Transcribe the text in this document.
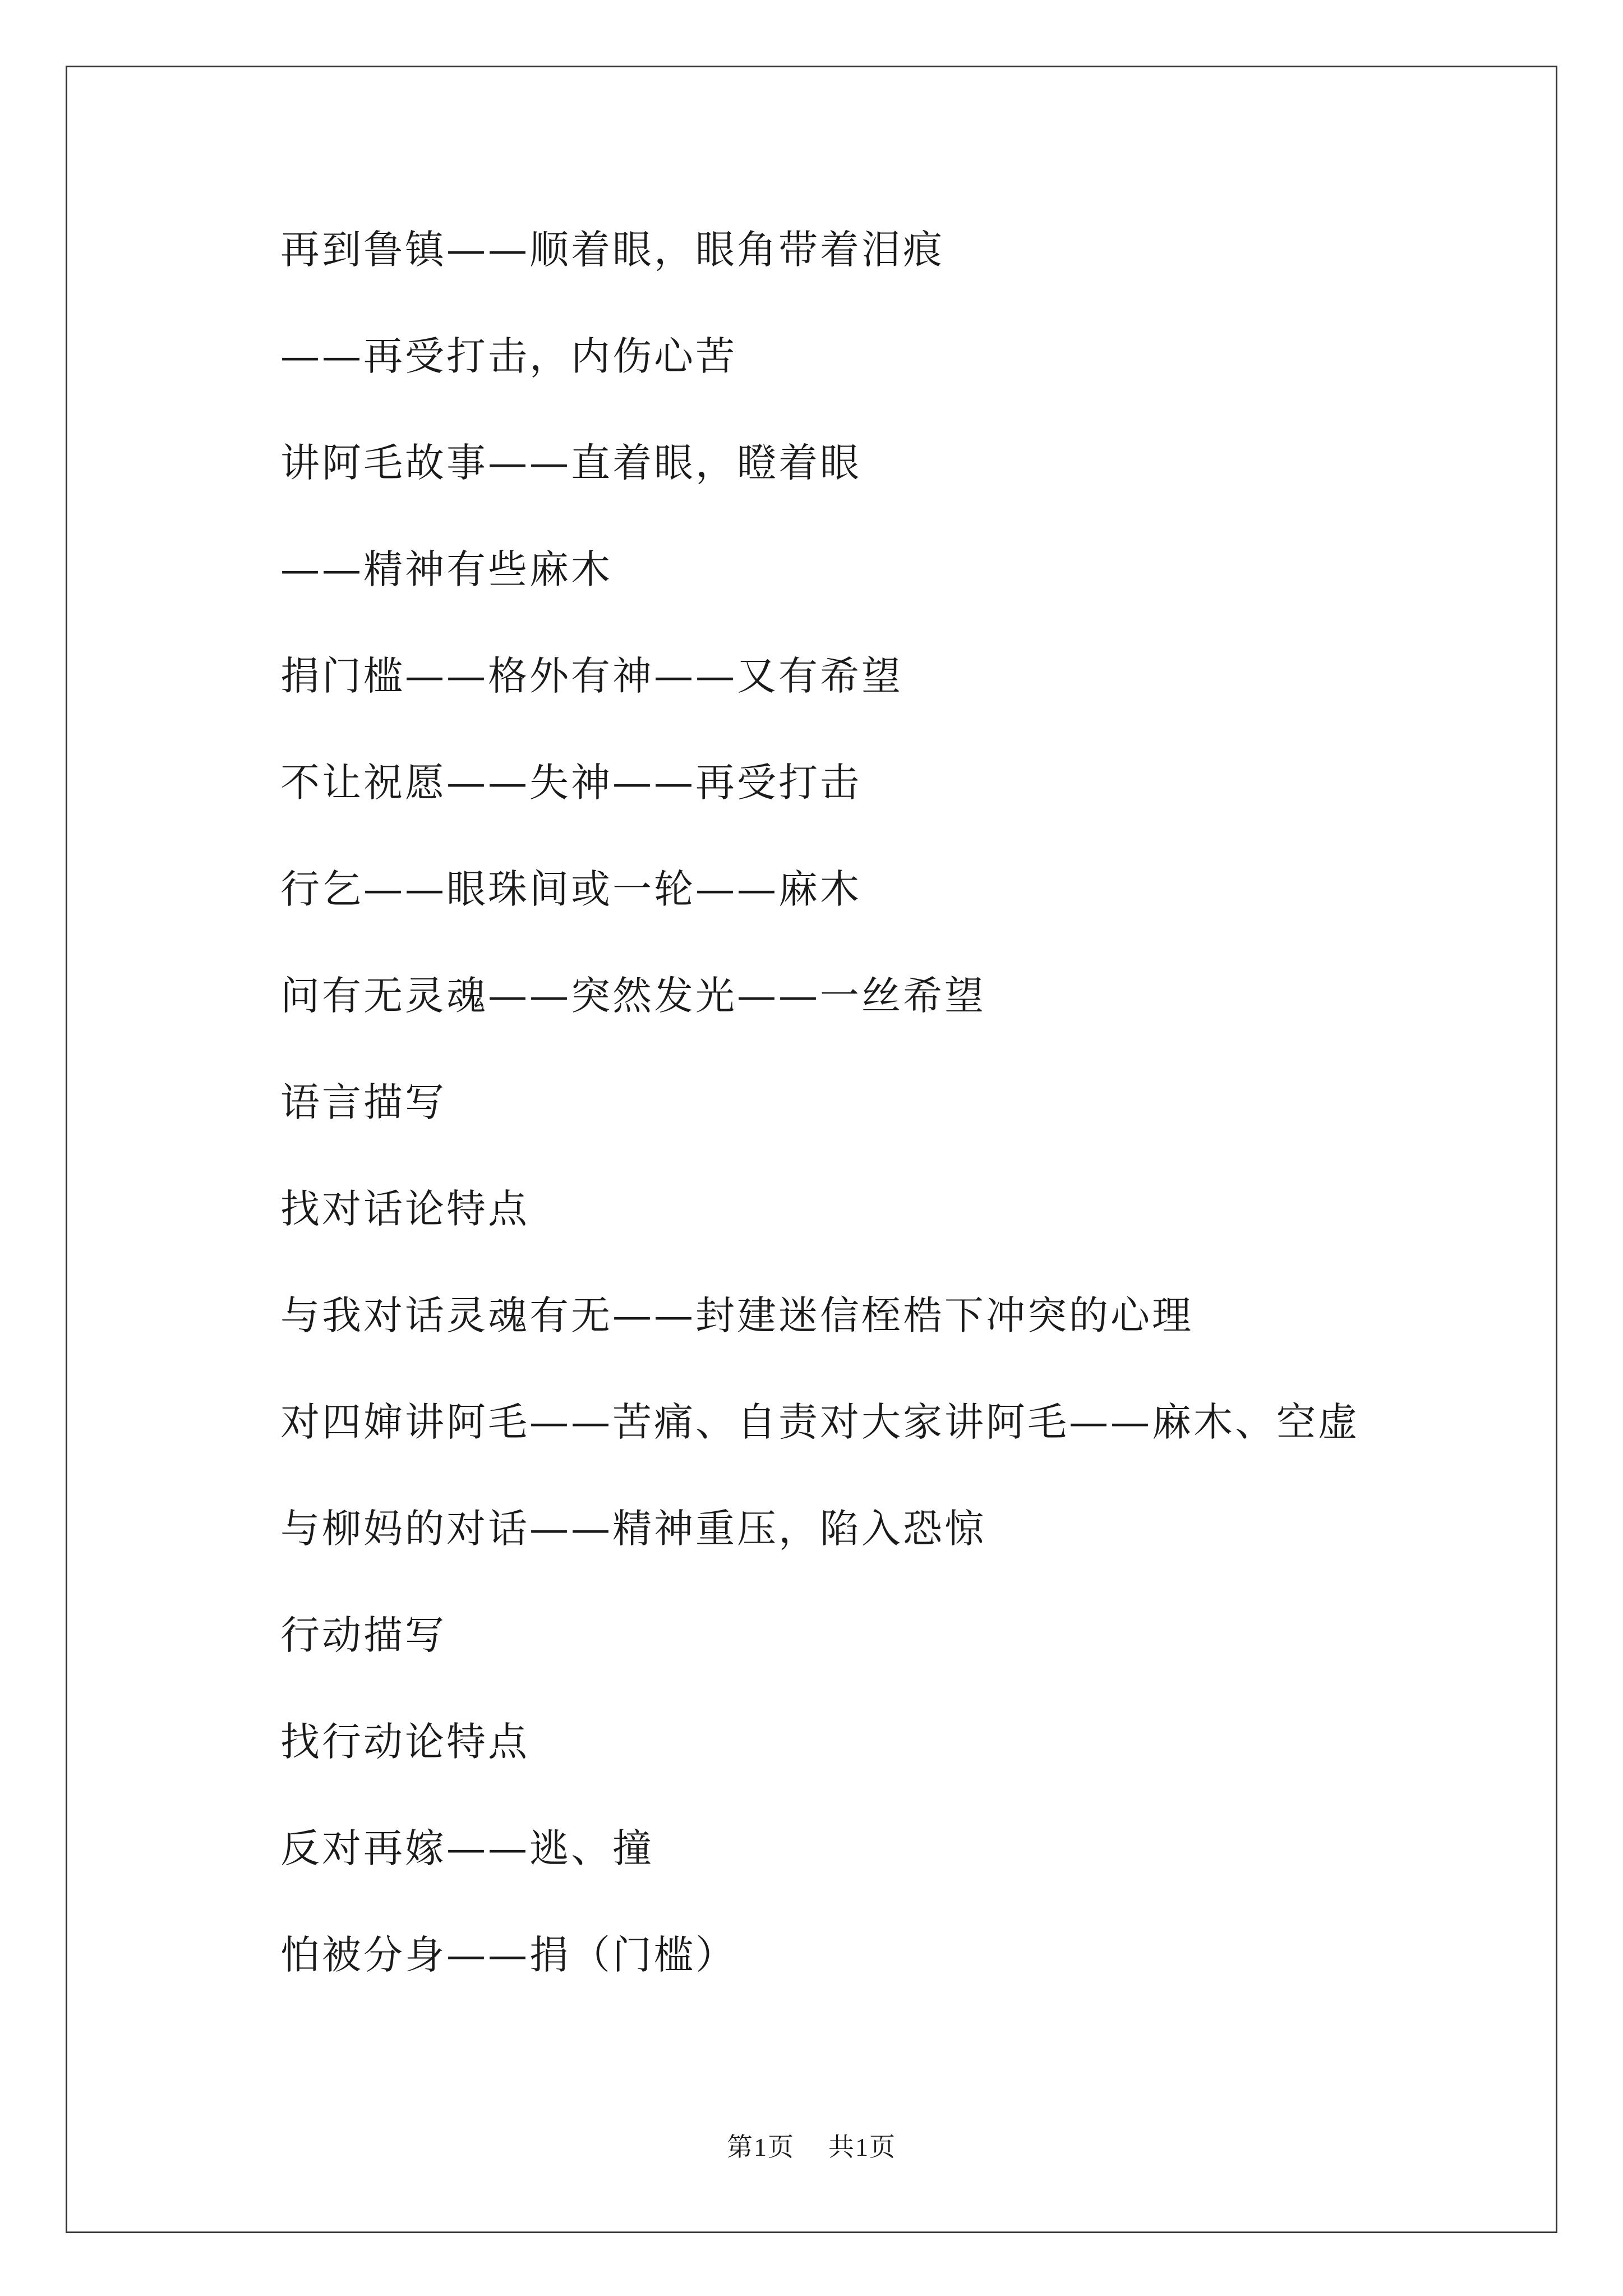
再到鲁镇——顺着眼，眼角带着泪痕
——再受打击，内伤心苦
讲阿毛故事——直着眼，瞪着眼
——精神有些麻木
捐门槛——格外有神——又有希望
不让祝愿——失神——再受打击
行乞——眼珠间或一轮——麻木
问有无灵魂——突然发光——一丝希望
语言描写
找对话论特点
与我对话灵魂有无——封建迷信桎梏下冲突的心理
对四婶讲阿毛——苦痛、自责对大家讲阿毛——麻木、空虚
与柳妈的对话——精神重压，陷入恐惊
行动描写
找行动论特点
反对再嫁——逃、撞
怕被分身——捐（门槛）
第1页 共1页
